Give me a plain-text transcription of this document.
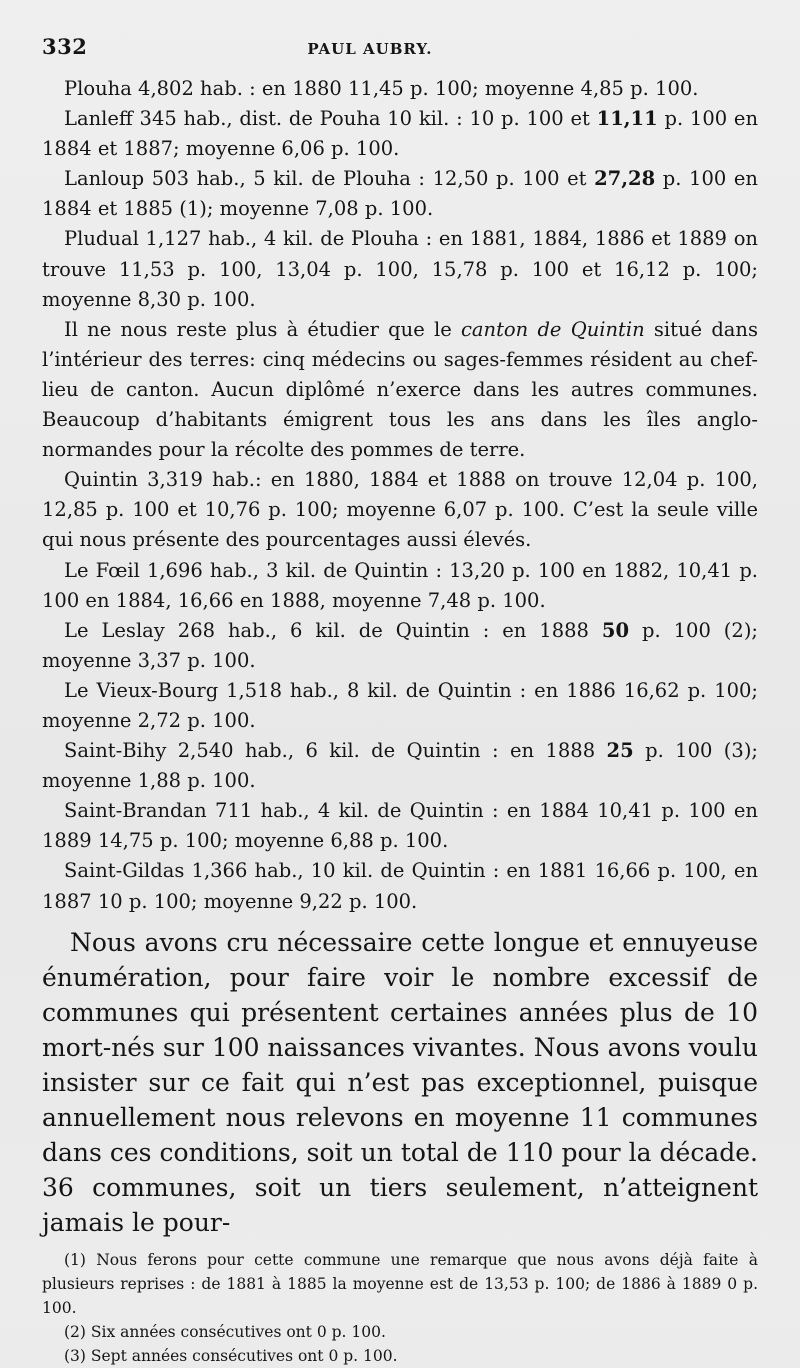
332	PAUL AUBRY.

Plouha 4,802 hab. : en 1880 11,45 p. 100; moyenne 4,85 p. 100.

Lanleff 345 hab., dist. de Pouha 10 kil. : 10 p. 100 et 11,11 p. 100 en 1884 et 1887; moyenne 6,06 p. 100.

Lanloup 503 hab., 5 kil. de Plouha : 12,50 p. 100 et 27,28 p. 100 en 1884 et 1885 (1); moyenne 7,08 p. 100.

Pludual 1,127 hab., 4 kil. de Plouha : en 1881, 1884, 1886 et 1889 on trouve 11,53 p. 100, 13,04 p. 100, 15,78 p. 100 et 16,12 p. 100; moyenne 8,30 p. 100.

Il ne nous reste plus à étudier que le canton de Quintin situé dans l’intérieur des terres: cinq médecins ou sages-femmes résident au chef-lieu de canton. Aucun diplômé n’exerce dans les autres communes. Beaucoup d’habitants émigrent tous les ans dans les îles anglo-normandes pour la récolte des pommes de terre.

Quintin 3,319 hab.: en 1880, 1884 et 1888 on trouve 12,04 p. 100, 12,85 p. 100 et 10,76 p. 100; moyenne 6,07 p. 100. C’est la seule ville qui nous présente des pourcentages aussi élevés.

Le Fœil 1,696 hab., 3 kil. de Quintin : 13,20 p. 100 en 1882, 10,41 p. 100 en 1884, 16,66 en 1888, moyenne 7,48 p. 100.

Le Leslay 268 hab., 6 kil. de Quintin : en 1888 50 p. 100 (2); moyenne 3,37 p. 100.

Le Vieux-Bourg 1,518 hab., 8 kil. de Quintin : en 1886 16,62 p. 100; moyenne 2,72 p. 100.

Saint-Bihy 2,540 hab., 6 kil. de Quintin : en 1888 25 p. 100 (3); moyenne 1,88 p. 100.

Saint-Brandan 711 hab., 4 kil. de Quintin : en 1884 10,41 p. 100 en 1889 14,75 p. 100; moyenne 6,88 p. 100.

Saint-Gildas 1,366 hab., 10 kil. de Quintin : en 1881 16,66 p. 100, en 1887 10 p. 100; moyenne 9,22 p. 100.

Nous avons cru nécessaire cette longue et ennuyeuse énumération, pour faire voir le nombre excessif de communes qui présentent certaines années plus de 10 mort-nés sur 100 naissances vivantes. Nous avons voulu insister sur ce fait qui n’est pas exceptionnel, puisque annuellement nous relevons en moyenne 11 communes dans ces conditions, soit un total de 110 pour la décade. 36 communes, soit un tiers seulement, n’atteignent jamais le pour-

(1) Nous ferons pour cette commune une remarque que nous avons déjà faite à plusieurs reprises : de 1881 à 1885 la moyenne est de 13,53 p. 100; de 1886 à 1889 0 p. 100.

(2) Six années consécutives ont 0 p. 100.

(3) Sept années consécutives ont 0 p. 100.
